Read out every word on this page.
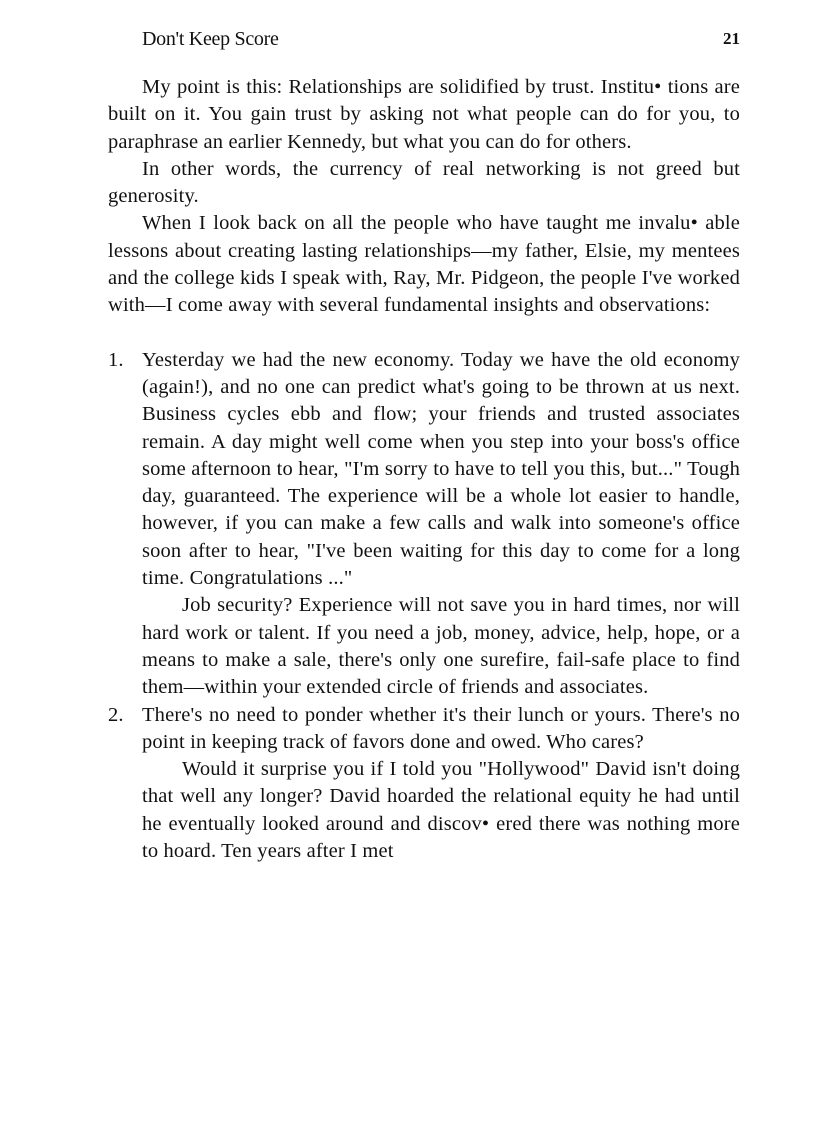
Don't Keep Score	21

My point is this: Relationships are solidified by trust. Institu• tions are built on it. You gain trust by asking not what people can do for you, to paraphrase an earlier Kennedy, but what you can do for others.

In other words, the currency of real networking is not greed but generosity.

When I look back on all the people who have taught me invalu• able lessons about creating lasting relationships—my father, Elsie, my mentees and the college kids I speak with, Ray, Mr. Pidgeon, the people I've worked with—I come away with several fundamental insights and observations:

1. Yesterday we had the new economy. Today we have the old economy (again!), and no one can predict what's going to be thrown at us next. Business cycles ebb and flow; your friends and trusted associates remain. A day might well come when you step into your boss's office some afternoon to hear, "I'm sorry to have to tell you this, but..." Tough day, guaranteed. The experience will be a whole lot easier to handle, however, if you can make a few calls and walk into someone's office soon after to hear, "I've been waiting for this day to come for a long time. Congratulations ..."

Job security? Experience will not save you in hard times, nor will hard work or talent. If you need a job, money, advice, help, hope, or a means to make a sale, there's only one surefire, fail-safe place to find them—within your extended circle of friends and associates.

2. There's no need to ponder whether it's their lunch or yours. There's no point in keeping track of favors done and owed. Who cares?

Would it surprise you if I told you "Hollywood" David isn't doing that well any longer? David hoarded the relational equity he had until he eventually looked around and discov• ered there was nothing more to hoard. Ten years after I met
